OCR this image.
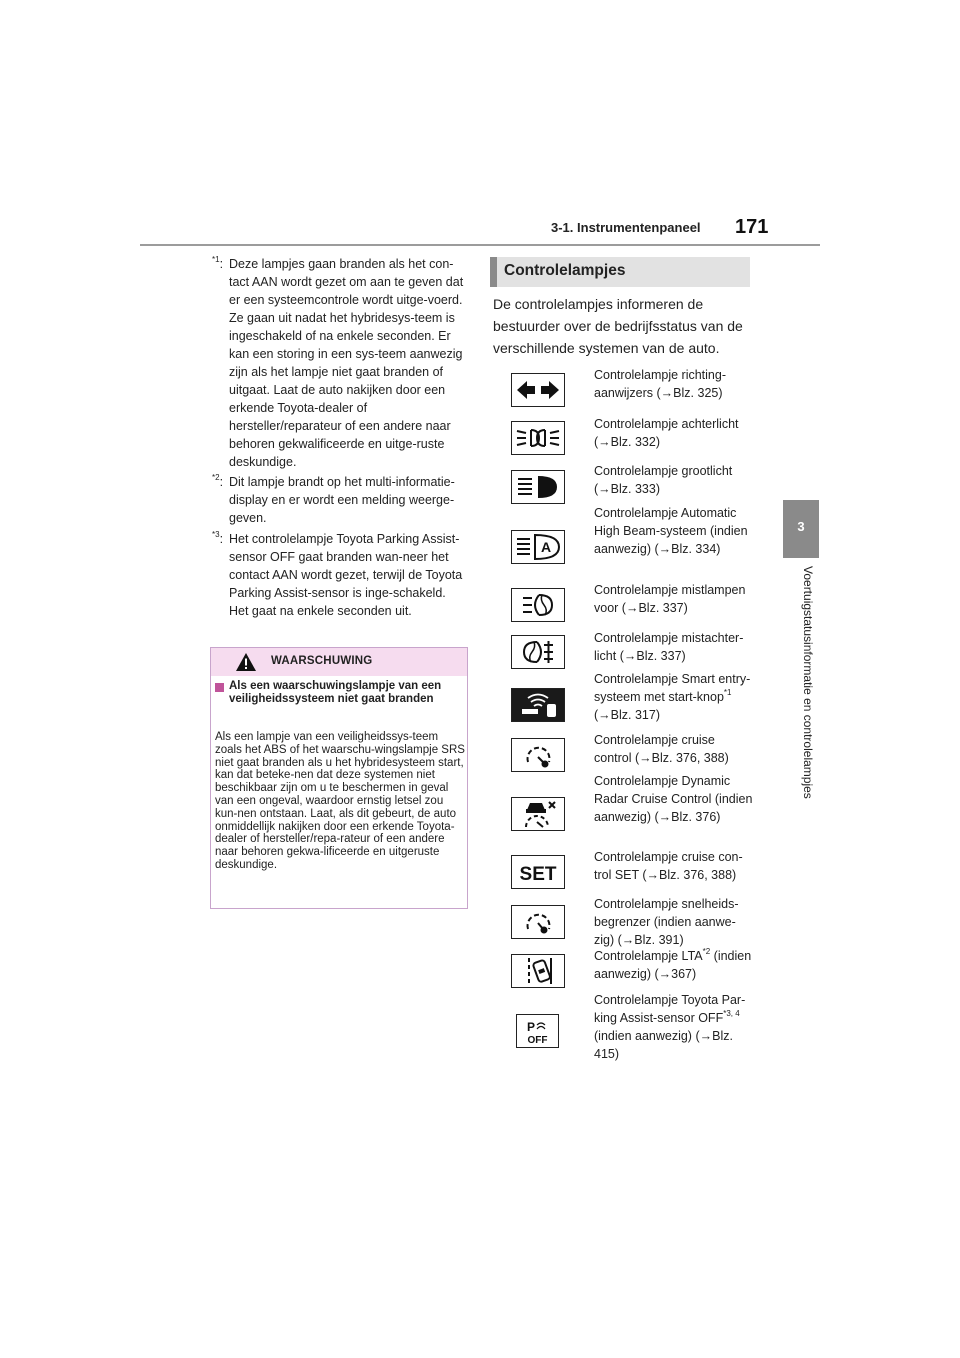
3-1. Instrumentenpaneel 171
3
Voertuigstatusinformatie en controlelampjes
$^{*1}$: Deze lampjes gaan branden als het con-tact AAN wordt gezet om aan te geven dat er een systeemcontrole wordt uitge-voerd. Ze gaan uit nadat het hybridesys-teem is ingeschakeld of na enkele seconden. Er kan een storing in een sys-teem aanwezig zijn als het lampje niet gaat branden of uitgaat. Laat de auto nakijken door een erkende Toyota-dealer of hersteller/reparateur of een andere naar behoren gekwalificeerde en uitge-ruste deskundige.
$^{*2}$: Dit lampje brandt op het multi-informatie-display en er wordt een melding weerge-geven.
$^{*3}$: Het controlelampje Toyota Parking Assist-sensor OFF gaat branden wan-neer het contact AAN wordt gezet, terwijl de Toyota Parking Assist-sensor is inge-schakeld. Het gaat na enkele seconden uit.
WAARSCHUWING
Als een waarschuwingslampje van een veiligheidssysteem niet gaat branden
Als een lampje van een veiligheidssys-teem zoals het ABS of het waarschu-wingslampje SRS niet gaat branden als u het hybridesysteem start, kan dat beteke-nen dat deze systemen niet beschikbaar zijn om u te beschermen in geval van een ongeval, waardoor ernstig letsel zou kun-nen ontstaan. Laat, als dit gebeurt, de auto onmiddellijk nakijken door een erkende Toyota-dealer of hersteller/repa-rateur of een andere naar behoren gekwa-lificeerde en uitgeruste deskundige.
Controlelampjes
De controlelampjes informeren de bestuurder over de bedrijfsstatus van de verschillende systemen van de auto.
Controlelampje richting-aanwijzers (→Blz. 325)
Controlelampje achterlicht (→Blz. 332)
Controlelampje grootlicht (→Blz. 333)
A
Controlelampje Automatic High Beam-systeem (indien aanwezig) (→Blz. 334)
Controlelampje mistlampen voor (→Blz. 337)
Controlelampje mistachter-licht (→Blz. 337)
Controlelampje Smart entry-systeem met start-knop$^{*1}$ (→Blz. 317)
Controlelampje cruise control (→Blz. 376, 388)
Controlelampje Dynamic Radar Cruise Control (indien aanwezig) (→Blz. 376)
SET
Controlelampje cruise con-trol SET (→Blz. 376, 388)
Controlelampje snelheids-begrenzer (indien aanwe-zig) (→Blz. 391)
Controlelampje LTA$^{*2}$ (indien aanwezig) (→367)
P
OFF
Controlelampje Toyota Par-king Assist-sensor OFF$^{*3, 4}$ (indien aanwezig) (→Blz. 415)
